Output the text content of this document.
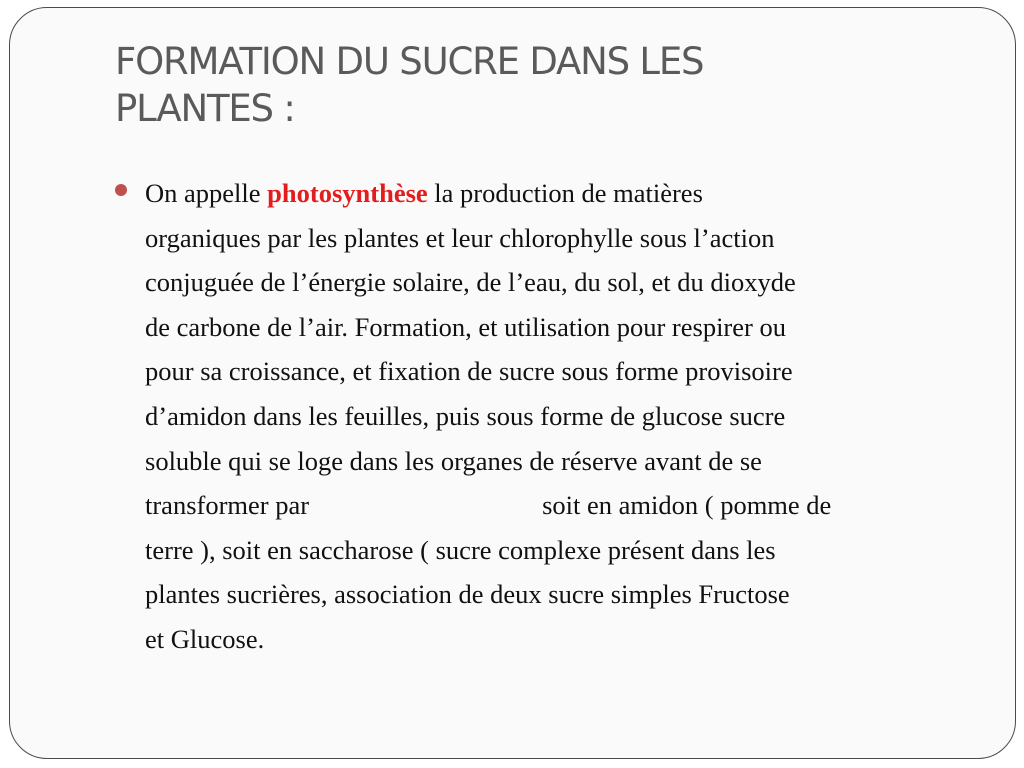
FORMATION DU SUCRE DANS LES
PLANTES :

On appelle photosynthèse la production de matières
organiques par les plantes et leur chlorophylle sous l’action
conjuguée de l’énergie solaire, de l’eau, du sol, et du dioxyde
de carbone de l’air. Formation, et utilisation pour respirer ou
pour sa croissance, et fixation de sucre sous forme provisoire
d’amidon dans les feuilles, puis sous forme de glucose sucre
soluble qui se loge dans les organes de réserve avant de se
transformer par	soit en amidon ( pomme de
terre ), soit en saccharose ( sucre complexe présent dans les
plantes sucrières, association de deux sucre simples Fructose
et Glucose.
